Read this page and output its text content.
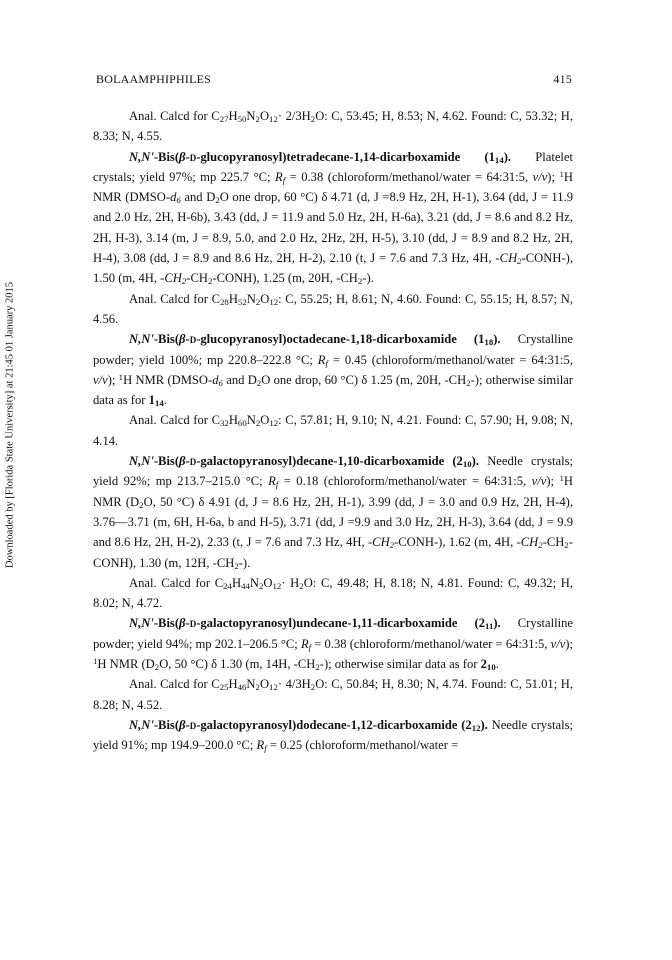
BOLAAMPHIPHILES	415
Downloaded by [Florida State University] at 21:45 01 January 2015

Anal. Calcd for $C_{27}H_{50}N_2O_{12}\cdot 2/3H_2O$: C, 53.45; H, 8.53; N, 4.62. Found: C, 53.32; H, 8.33; N, 4.55.

N,N'-Bis(β-d-glucopyranosyl)tetradecane-1,14-dicarboxamide $(1_{14})$. Platelet crystals; yield 97%; mp 225.7 °C; $R_f = 0.38$ (chloroform/methanol/water = 64:31:5, v/v); $^1$H NMR ($DMSO-d_6$ and $D_2O$ one drop, 60 °C) δ 4.71 (d, J =8.9 Hz, 2H, H-1), 3.64 (dd, J = 11.9 and 2.0 Hz, 2H, H-6b), 3.43 (dd, J = 11.9 and 5.0 Hz, 2H, H-6a), 3.21 (dd, J = 8.6 and 8.2 Hz, 2H, H-3), 3.14 (m, J = 8.9, 5.0, and 2.0 Hz, 2Hz, 2H, H-5), 3.10 (dd, J = 8.9 and 8.2 Hz, 2H, H-4), 3.08 (dd, J = 8.9 and 8.6 Hz, 2H, H-2), 2.10 (t, J = 7.6 and 7.3 Hz, 4H, $-CH_2-CONH-$), 1.50 (m, 4H, $-CH_2-CH_2-CONH$), 1.25 (m, 20H, $-CH_2-$).

Anal. Calcd for $C_{28}H_{52}N_2O_{12}$: C, 55.25; H, 8.61; N, 4.60. Found: C, 55.15; H, 8.57; N, 4.56.

N,N'-Bis(β-d-glucopyranosyl)octadecane-1,18-dicarboxamide $(1_{18})$. Crystalline powder; yield 100%; mp 220.8–222.8 °C; $R_f = 0.45$ (chloroform/methanol/water = 64:31:5, v/v); $^1$H NMR ($DMSO-d_6$ and $D_2O$ one drop, 60 °C) δ 1.25 (m, 20H, $-CH_2-$); otherwise similar data as for $1_{14}$.

Anal. Calcd for $C_{32}H_{60}N_2O_{12}$: C, 57.81; H, 9.10; N, 4.21. Found: C, 57.90; H, 9.08; N, 4.14.

N,N'-Bis(β-d-galactopyranosyl)decane-1,10-dicarboxamide $(2_{10})$. Needle crystals; yield 92%; mp 213.7–215.0 °C; $R_f = 0.18$ (chloroform/methanol/water = 64:31:5, v/v); $^1$H NMR ($D_2O$, 50 °C) δ 4.91 (d, J = 8.6 Hz, 2H, H-1), 3.99 (dd, J = 3.0 and 0.9 Hz, 2H, H-4), 3.76—3.71 (m, 6H, H-6a, b and H-5), 3.71 (dd, J =9.9 and 3.0 Hz, 2H, H-3), 3.64 (dd, J = 9.9 and 8.6 Hz, 2H, H-2), 2.33 (t, J = 7.6 and 7.3 Hz, 4H, $-CH_2-CONH-$), 1.62 (m, 4H, $-CH_2-CH_2-CONH$), 1.30 (m, 12H, $-CH_2-$).

Anal. Calcd for $C_{24}H_{44}N_2O_{12}\cdot H_2O$: C, 49.48; H, 8.18; N, 4.81. Found: C, 49.32; H, 8.02; N, 4.72.

N,N'-Bis(β-d-galactopyranosyl)undecane-1,11-dicarboxamide $(2_{11})$. Crystalline powder; yield 94%; mp 202.1–206.5 °C; $R_f = 0.38$ (chloroform/methanol/water = 64:31:5, v/v); $^1$H NMR ($D_2O$, 50 °C) δ 1.30 (m, 14H, $-CH_2-$); otherwise similar data as for $2_{10}$.

Anal. Calcd for $C_{25}H_{46}N_2O_{12}\cdot 4/3H_2O$: C, 50.84; H, 8.30; N, 4.74. Found: C, 51.01; H, 8.28; N, 4.52.

N,N'-Bis(β-d-galactopyranosyl)dodecane-1,12-dicarboxamide $(2_{12})$. Needle crystals; yield 91%; mp 194.9–200.0 °C; $R_f = 0.25$ (chloroform/methanol/water =
